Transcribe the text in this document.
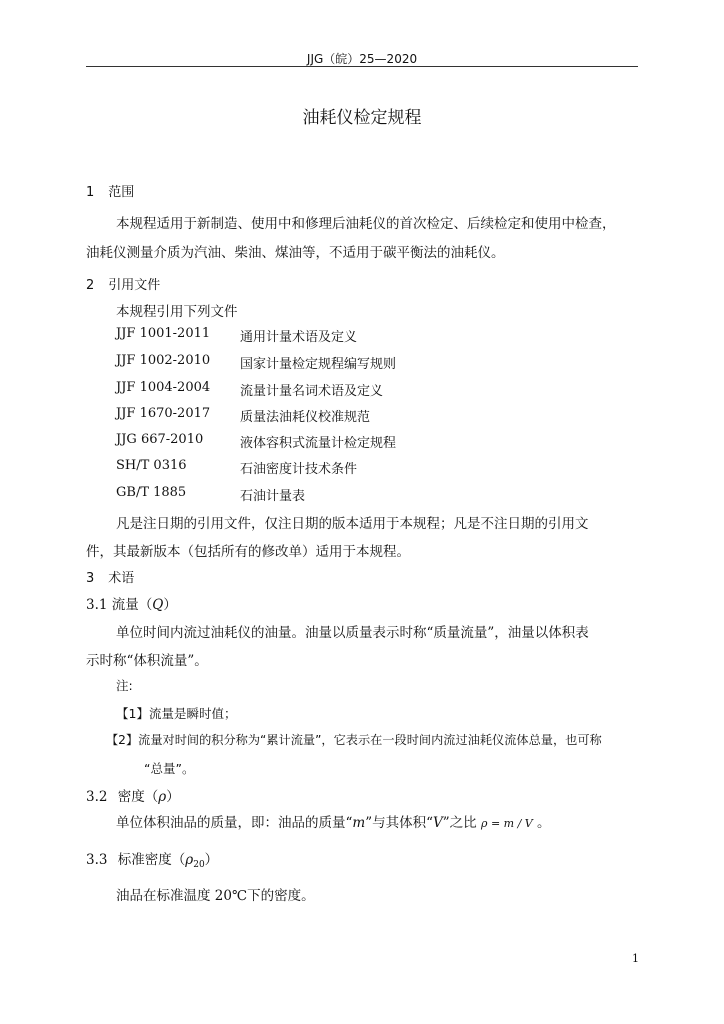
JJG（皖）25—2020
油耗仪检定规程
1 范围
本规程适用于新制造、使用中和修理后油耗仪的首次检定、后续检定和使用中检查，
油耗仪测量介质为汽油、柴油、煤油等，不适用于碳平衡法的油耗仪。
2 引用文件
本规程引用下列文件
JJF 1001-2011 通用计量术语及定义
JJF 1002-2010 国家计量检定规程编写规则
JJF 1004-2004 流量计量名词术语及定义
JJF 1670-2017 质量法油耗仪校准规范
JJG 667-2010	液体容积式流量计检定规程
SH/T 0316	石油密度计技术条件
GB/T 1885	石油计量表
凡是注日期的引用文件，仅注日期的版本适用于本规程；凡是不注日期的引用文
件，其最新版本（包括所有的修改单）适用于本规程。
3 术语
3.1 流量（Q）
单位时间内流过油耗仪的油量。油量以质量表示时称“质量流量”，油量以体积表
示时称“体积流量”。
注:
【1】流量是瞬时值；
【2】流量对时间的积分称为“累计流量”，它表示在一段时间内流过油耗仪流体总量，也可称
“总量”。
3.2 密度（ρ）
单位体积油品的质量，即：油品的质量“m”与其体积“V”之比 ρ = m / V 。
3.3 标准密度$(\rho_{20})$
油品在标准温度 20℃下的密度。
1
